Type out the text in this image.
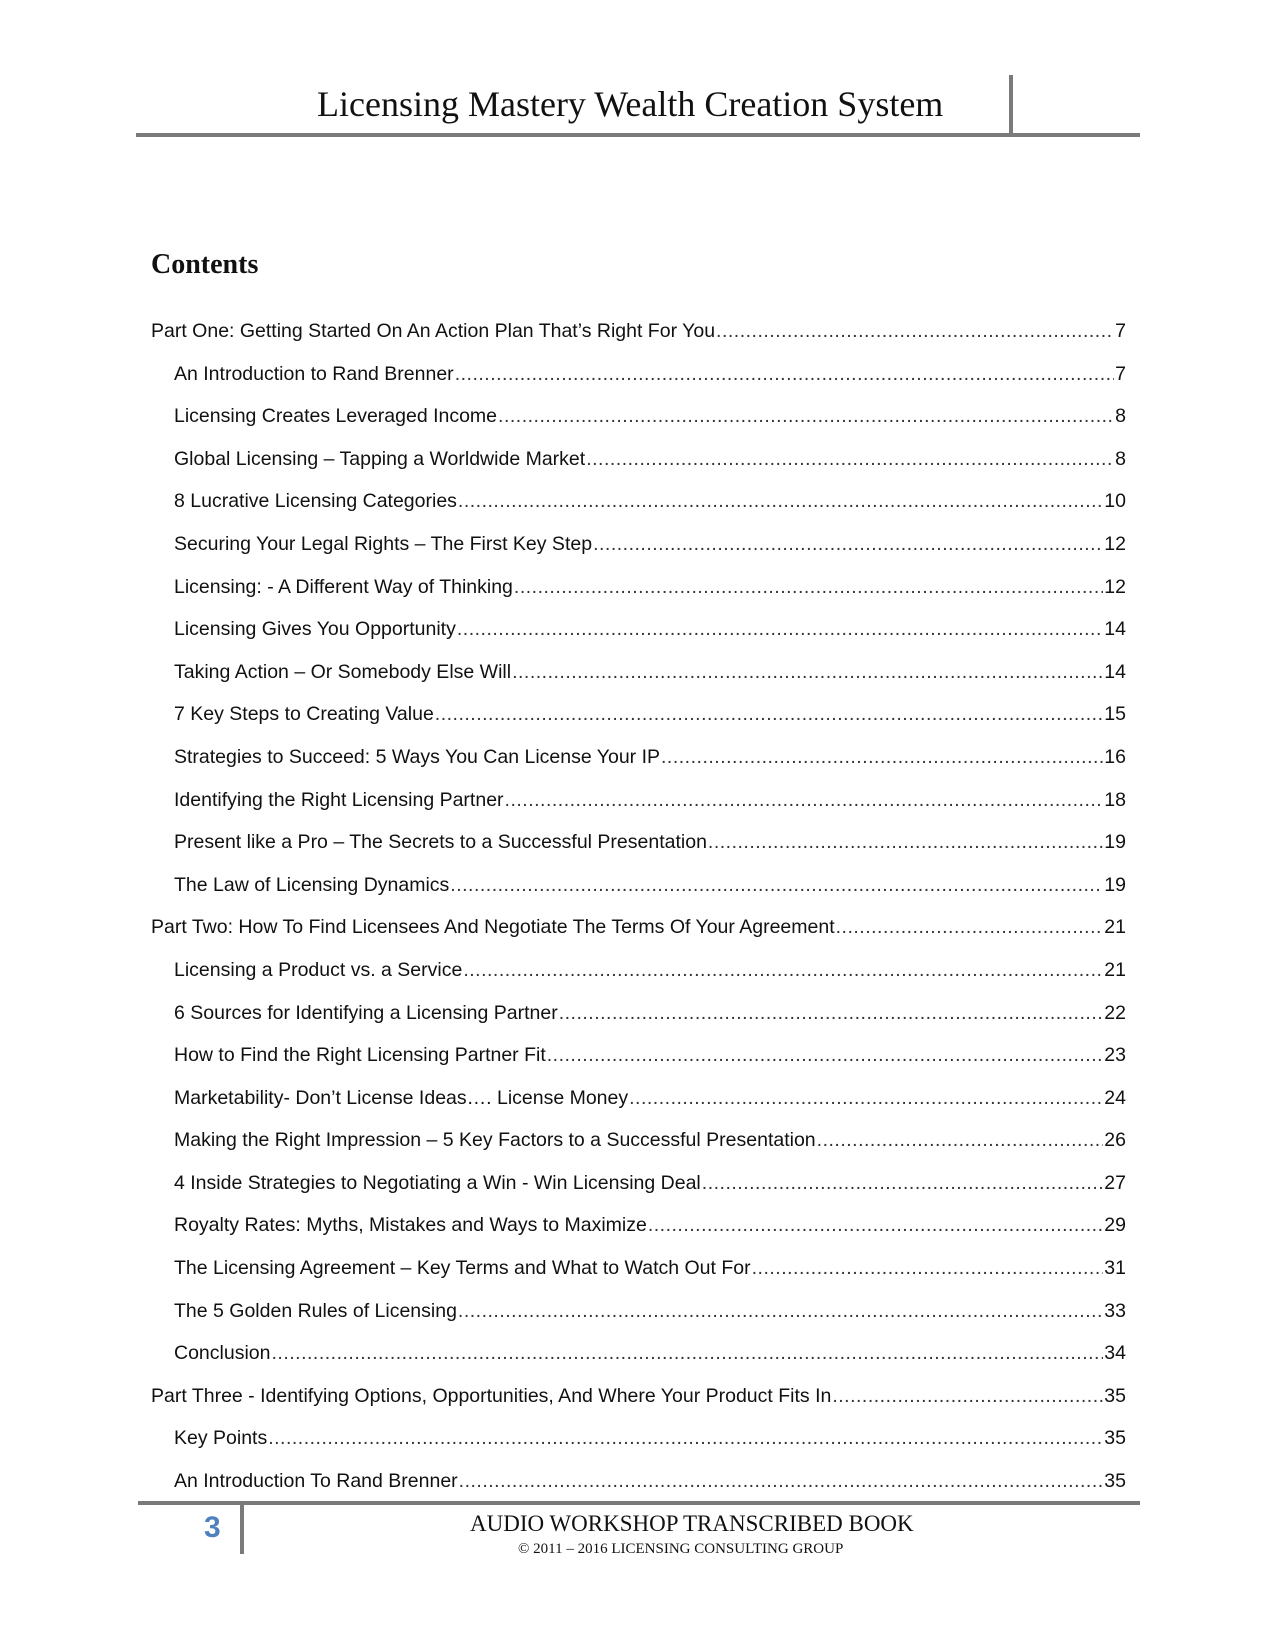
Licensing Mastery Wealth Creation System
Contents
Part One: Getting Started On An Action Plan That’s Right For You .....	7
An Introduction to Rand Brenner .....	7
Licensing Creates Leveraged Income .....	8
Global Licensing – Tapping a Worldwide Market .....	8
8 Lucrative Licensing Categories .....	10
Securing Your Legal Rights – The First Key Step .....	12
Licensing: - A Different Way of Thinking .....	12
Licensing Gives You Opportunity .....	14
Taking Action – Or Somebody Else Will .....	14
7 Key Steps to Creating Value .....	15
Strategies to Succeed: 5 Ways You Can License Your IP .....	16
Identifying the Right Licensing Partner .....	18
Present like a Pro – The Secrets to a Successful Presentation .....	19
The Law of Licensing Dynamics .....	19
Part Two: How To Find Licensees And Negotiate The Terms Of Your Agreement .....	21
Licensing a Product vs. a Service .....	21
6 Sources for Identifying a Licensing Partner .....	22
How to Find the Right Licensing Partner Fit .....	23
Marketability- Don’t License Ideas…. License Money .....	24
Making the Right Impression – 5 Key Factors to a Successful Presentation .....	26
4 Inside Strategies to Negotiating a Win - Win Licensing Deal .....	27
Royalty Rates: Myths, Mistakes and Ways to Maximize .....	29
The Licensing Agreement – Key Terms and What to Watch Out For .....	31
The 5 Golden Rules of Licensing .....	33
Conclusion .....	34
Part Three - Identifying Options, Opportunities, And Where Your Product Fits In .....	35
Key Points .....	35
An Introduction To Rand Brenner .....	35
3	AUDIO WORKSHOP TRANSCRIBED BOOK
© 2011 – 2016 LICENSING CONSULTING GROUP
